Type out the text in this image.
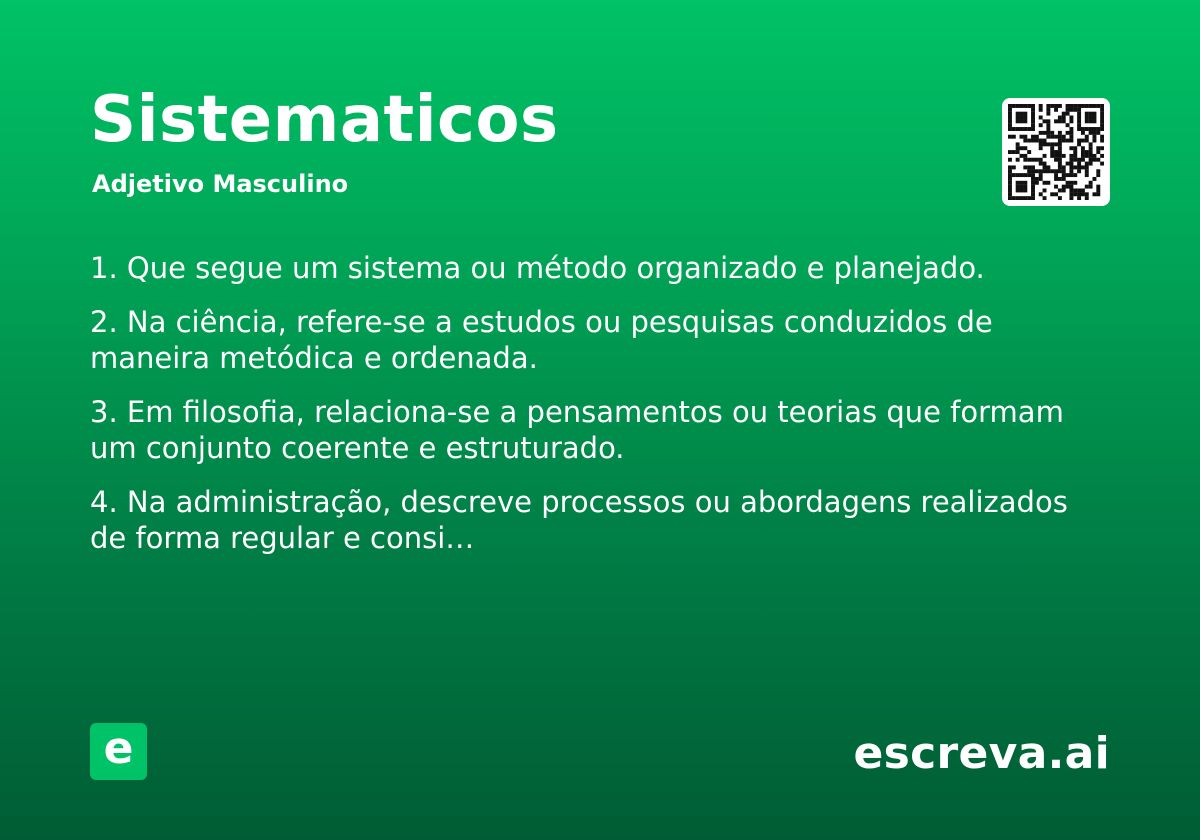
Sistematicos
Adjetivo Masculino

1. Que segue um sistema ou método organizado e planejado.

2. Na ciência, refere-se a estudos ou pesquisas conduzidos de maneira metódica e ordenada.

3. Em filosofia, relaciona-se a pensamentos ou teorias que formam um conjunto coerente e estruturado.

4. Na administração, descreve processos ou abordagens realizados de forma regular e consi…

e	escreva.ai
